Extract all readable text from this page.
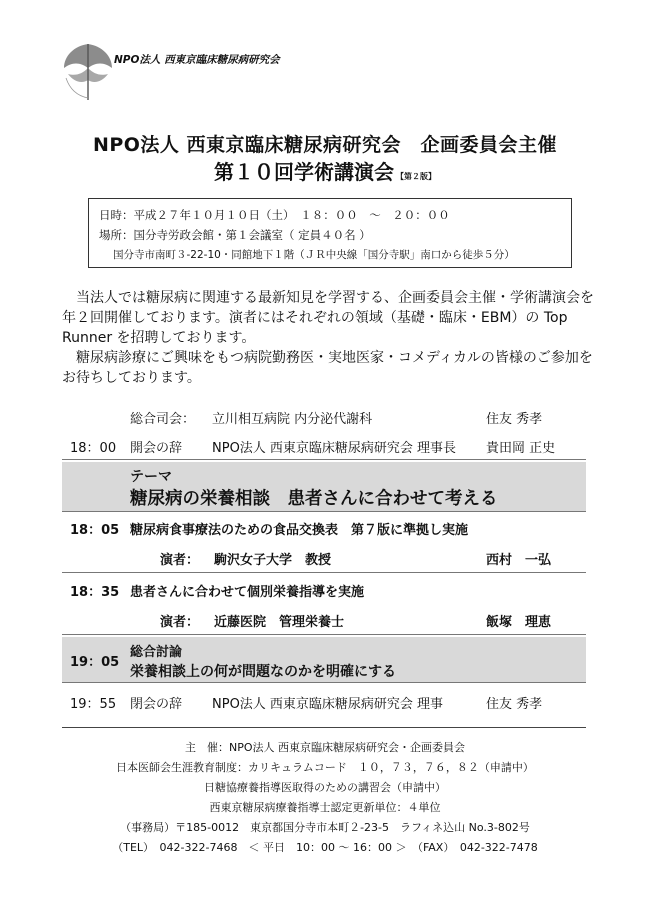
NPO法人 西東京臨床糖尿病研究会
NPO法人 西東京臨床糖尿病研究会　企画委員会主催
第１０回学術講演会 【第２版】
日時：平成２７年１０月１０日（土）　１８：００　～　２０：００
場所：国分寺労政会館・第１会議室（ 定員４０名 ）
国分寺市南町３-22-10・同館地下１階（ＪＲ中央線「国分寺駅」南口から徒歩５分）

当法人では糖尿病に関連する最新知見を学習する、企画委員会主催・学術講演会を年２回開催しております。演者にはそれぞれの領域（基礎・臨床・EBM）の Top Runner を招聘しております。

糖尿病診療にご興味をもつ病院勤務医・実地医家・コメディカルの皆様のご参加をお待ちしております。

総合司会： 立川相互病院 内分泌代謝科	住友 秀孝
18：00 開会の辞 NPO法人 西東京臨床糖尿病研究会 理事長 貴田岡 正史
テーマ
糖尿病の栄養相談　患者さんに合わせて考える
18：05 糖尿病食事療法のための食品交換表　第７版に準拠し実施
演者： 駒沢女子大学　教授	西村　一弘
18：35 患者さんに合わせて個別栄養指導を実施
演者： 近藤医院　管理栄養士	飯塚　理恵
19：05
総合討論
栄養相談上の何が問題なのかを明確にする
19：55 閉会の辞 NPO法人 西東京臨床糖尿病研究会 理事	住友 秀孝
主　催：NPO法人 西東京臨床糖尿病研究会・企画委員会
日本医師会生涯教育制度：カリキュラムコード　１０，７３，７６，８２（申請中）
日糖協療養指導医取得のための講習会（申請中）
西東京糖尿病療養指導士認定更新単位：４単位
（事務局）〒185-0012　東京都国分寺市本町２-23-5　ラフィネ込山 No.3-802号
（TEL）　042-322-7468　＜ 平日　10：00 ～ 16：00 ＞　（FAX）　042-322-7478
